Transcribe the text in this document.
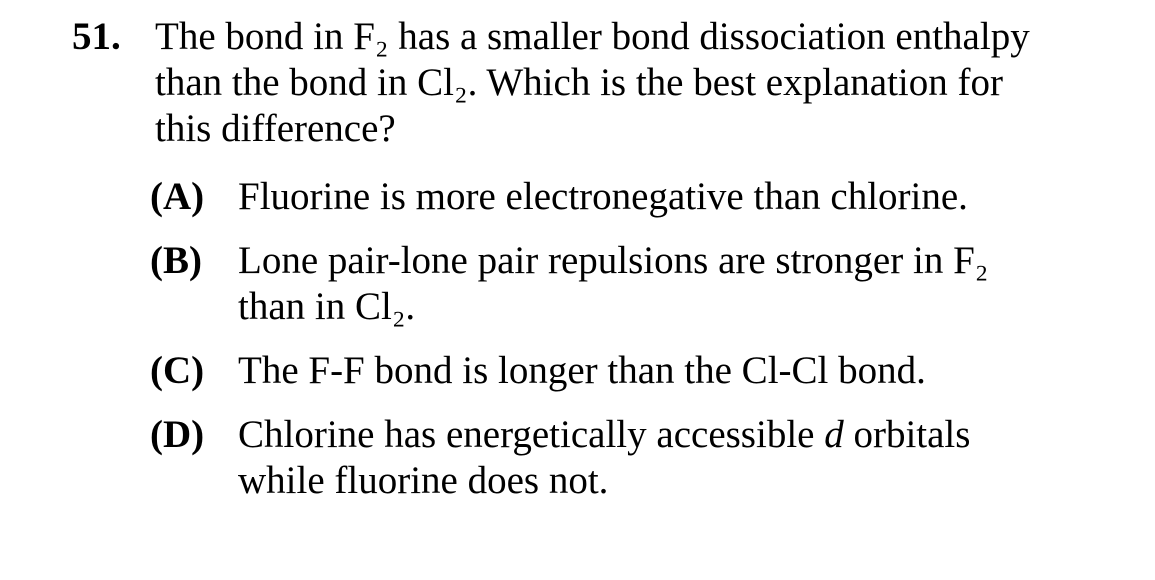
51. The bond in F₂ has a smaller bond dissociation enthalpy
than the bond in Cl₂. Which is the best explanation for
this difference?
(A) Fluorine is more electronegative than chlorine.
(B) Lone pair-lone pair repulsions are stronger in F₂
than in Cl₂.
(C) The F-F bond is longer than the Cl-Cl bond.
(D) Chlorine has energetically accessible d orbitals
while fluorine does not.
